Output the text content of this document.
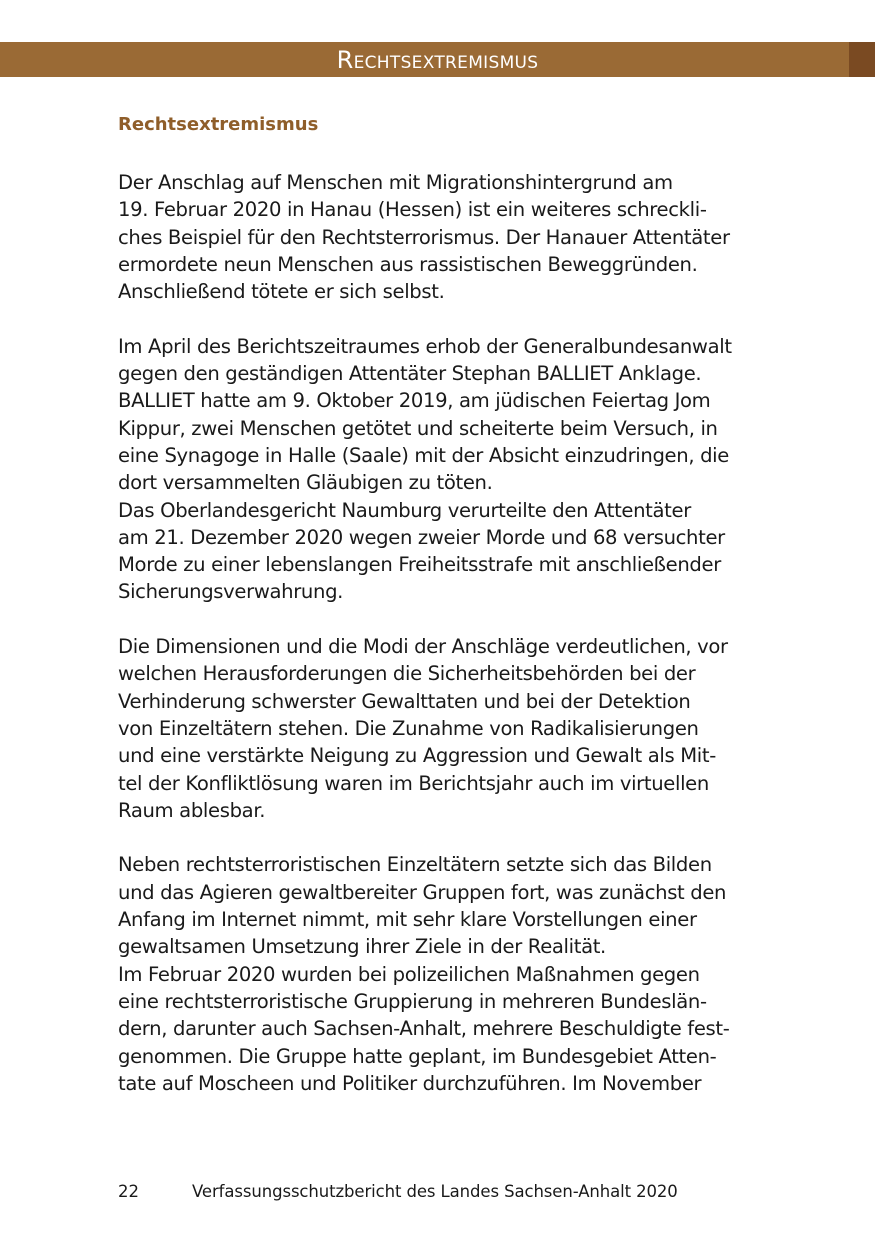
Rechtsextremismus
Rechtsextremismus

Der Anschlag auf Menschen mit Migrationshintergrund am
19. Februar 2020 in Hanau (Hessen) ist ein weiteres schreckli-
ches Beispiel für den Rechtsterrorismus. Der Hanauer Attentäter
ermordete neun Menschen aus rassistischen Beweggründen.
Anschließend tötete er sich selbst.

Im April des Berichtszeitraumes erhob der Generalbundesanwalt
gegen den geständigen Attentäter Stephan BALLIET Anklage.
BALLIET hatte am 9. Oktober 2019, am jüdischen Feiertag Jom
Kippur, zwei Menschen getötet und scheiterte beim Versuch, in
eine Synagoge in Halle (Saale) mit der Absicht einzudringen, die
dort versammelten Gläubigen zu töten.
Das Oberlandesgericht Naumburg verurteilte den Attentäter
am 21. Dezember 2020 wegen zweier Morde und 68 versuchter
Morde zu einer lebenslangen Freiheitsstrafe mit anschließender
Sicherungsverwahrung.

Die Dimensionen und die Modi der Anschläge verdeutlichen, vor
welchen Herausforderungen die Sicherheitsbehörden bei der
Verhinderung schwerster Gewalttaten und bei der Detektion
von Einzeltätern stehen. Die Zunahme von Radikalisierungen
und eine verstärkte Neigung zu Aggression und Gewalt als Mit-
tel der Konfliktlösung waren im Berichtsjahr auch im virtuellen
Raum ablesbar.

Neben rechtsterroristischen Einzeltätern setzte sich das Bilden
und das Agieren gewaltbereiter Gruppen fort, was zunächst den
Anfang im Internet nimmt, mit sehr klare Vorstellungen einer
gewaltsamen Umsetzung ihrer Ziele in der Realität.
Im Februar 2020 wurden bei polizeilichen Maßnahmen gegen
eine rechtsterroristische Gruppierung in mehreren Bundeslän-
dern, darunter auch Sachsen-Anhalt, mehrere Beschuldigte fest-
genommen. Die Gruppe hatte geplant, im Bundesgebiet Atten-
tate auf Moscheen und Politiker durchzuführen. Im November

22	Verfassungsschutzbericht des Landes Sachsen-Anhalt 2020
